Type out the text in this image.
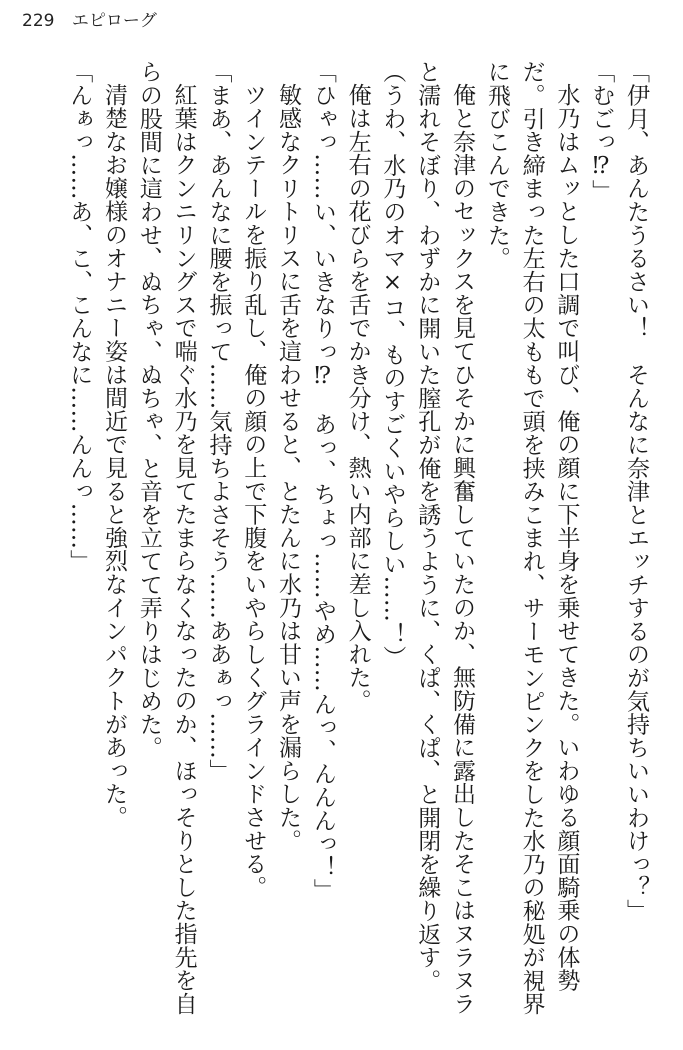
229 エピローグ

「伊月、あんたうるさい！　そんなに奈津とエッチするのが気持ちいいわけっ？」

「むごっ⁉」

水乃はムッとした口調で叫び、俺の顔に下半身を乗せてきた。いわゆる顔面騎乗の体勢だ。引き締まった左右の太ももで頭を挟みこまれ、サーモンピンクをした水乃の秘処が視界に飛びこんできた。

俺と奈津のセックスを見てひそかに興奮していたのか、無防備に露出したそこはヌラヌラと濡れそぼり、わずかに開いた膣孔が俺を誘うように、くぱ、くぱ、と開閉を繰り返す。

（うわ、水乃のオマ×コ、ものすごくいやらしい……！）

俺は左右の花びらを舌でかき分け、熱い内部に差し入れた。

「ひゃっ……い、いきなりっ⁉　あっ、ちょっ……やめ……んっ、んんんっ！」

敏感なクリトリスに舌を這わせると、とたんに水乃は甘い声を漏らした。

ツインテールを振り乱し、俺の顔の上で下腹をいやらしくグラインドさせる。

「まあ、あんなに腰を振って……気持ちよさそう……ああぁっ……」

紅葉はクンニリングスで喘ぐ水乃を見てたまらなくなったのか、ほっそりとした指先を自らの股間に這わせ、ぬちゃ、ぬちゃ、と音を立てて弄りはじめた。

清楚なお嬢様のオナニー姿は間近で見ると強烈なインパクトがあった。

「んぁっ……あ、こ、こんなに……んんっ……」
